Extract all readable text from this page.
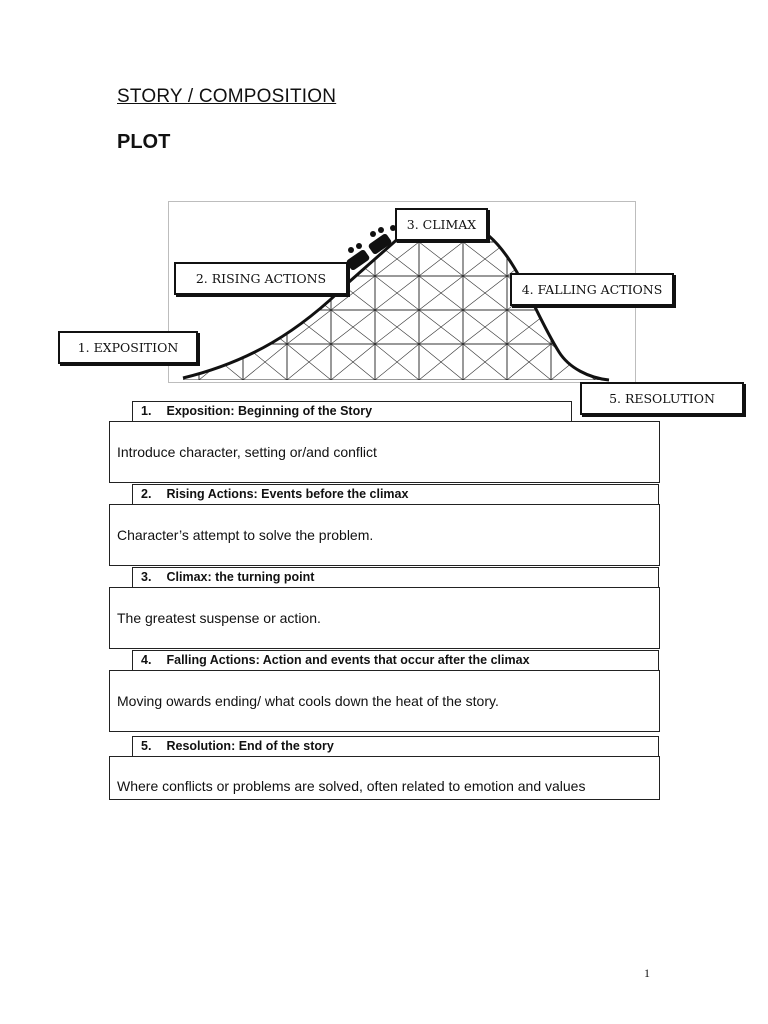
STORY / COMPOSITION
PLOT
1. EXPOSITION
2. RISING ACTIONS
3. CLIMAX
4. FALLING ACTIONS
5. RESOLUTION
1. Exposition: Beginning of the Story
Introduce character, setting or/and conflict
2. Rising Actions: Events before the climax
Character’s attempt to solve the problem.
3. Climax: the turning point
The greatest suspense or action.
4. Falling Actions: Action and events that occur after the climax
Moving owards ending/ what cools down the heat of the story.
5. Resolution: End of the story
Where conflicts or problems are solved, often related to emotion and values
1
